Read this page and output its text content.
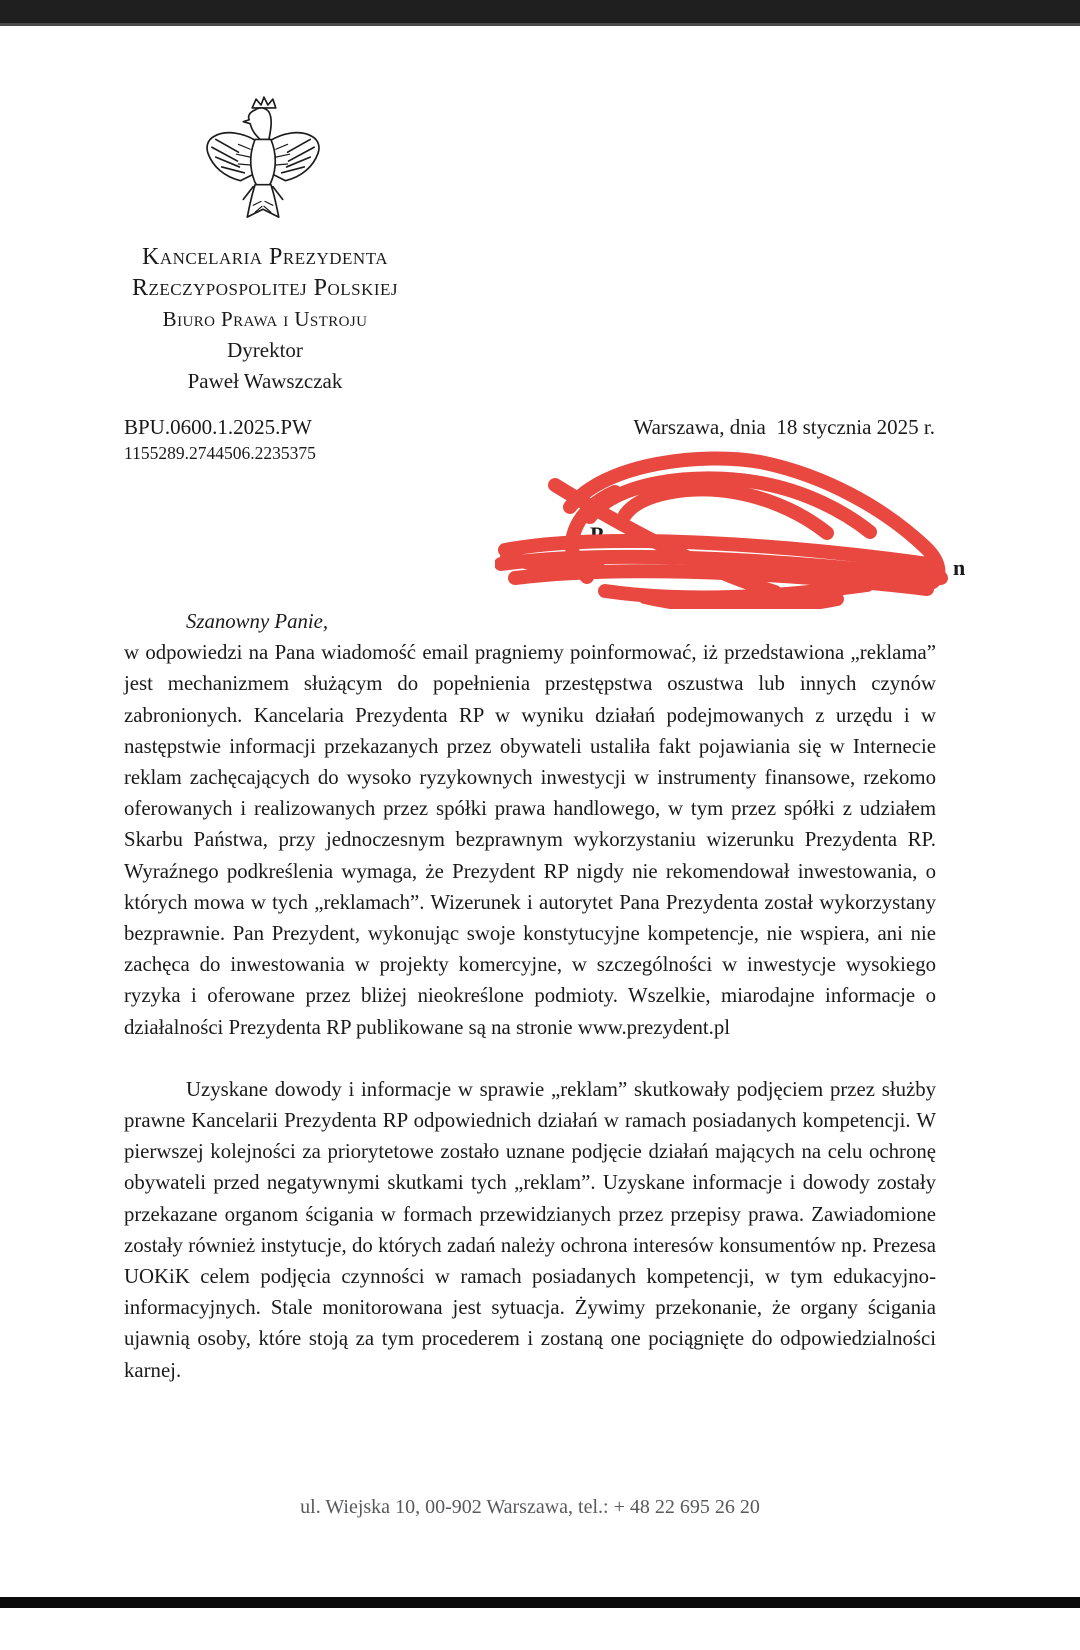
Kancelaria Prezydenta
Rzeczypospolitej Polskiej
Biuro Prawa i Ustroju
Dyrektor
Paweł Wawszczak
BPU.0600.1.2025.PW
1155289.2744506.2235375
Warszawa, dnia  18 stycznia 2025 r.
P
E	n

Szanowny Panie,

w odpowiedzi na Pana wiadomość email pragniemy poinformować, iż przedstawiona „reklama” jest mechanizmem służącym do popełnienia przestępstwa oszustwa lub innych czynów zabronionych. Kancelaria Prezydenta RP w wyniku działań podejmowanych z urzędu i w następstwie informacji przekazanych przez obywateli ustaliła fakt pojawiania się w Internecie reklam zachęcających do wysoko ryzykownych inwestycji w instrumenty finansowe, rzekomo oferowanych i realizowanych przez spółki prawa handlowego, w tym przez spółki z udziałem Skarbu Państwa, przy jednoczesnym bezprawnym wykorzystaniu wizerunku Prezydenta RP. Wyraźnego podkreślenia wymaga, że Prezydent RP nigdy nie rekomendował inwestowania, o których mowa w tych „reklamach”. Wizerunek i autorytet Pana Prezydenta został wykorzystany bezprawnie. Pan Prezydent, wykonując swoje konstytucyjne kompetencje, nie wspiera, ani nie zachęca do inwestowania w projekty komercyjne, w szczególności w inwestycje wysokiego ryzyka i oferowane przez bliżej nieokreślone podmioty. Wszelkie, miarodajne informacje o działalności Prezydenta RP publikowane są na stronie www.prezydent.pl

Uzyskane dowody i informacje w sprawie „reklam” skutkowały podjęciem przez służby prawne Kancelarii Prezydenta RP odpowiednich działań w ramach posiadanych kompetencji. W pierwszej kolejności za priorytetowe zostało uznane podjęcie działań mających na celu ochronę obywateli przed negatywnymi skutkami tych „reklam”. Uzyskane informacje i dowody zostały przekazane organom ścigania w formach przewidzianych przez przepisy prawa. Zawiadomione zostały również instytucje, do których zadań należy ochrona interesów konsumentów np. Prezesa UOKiK celem podjęcia czynności w ramach posiadanych kompetencji, w tym edukacyjno-informacyjnych. Stale monitorowana jest sytuacja. Żywimy przekonanie, że organy ścigania ujawnią osoby, które stoją za tym procederem i zostaną one pociągnięte do odpowiedzialności karnej.

ul. Wiejska 10, 00-902 Warszawa, tel.: + 48 22 695 26 20
